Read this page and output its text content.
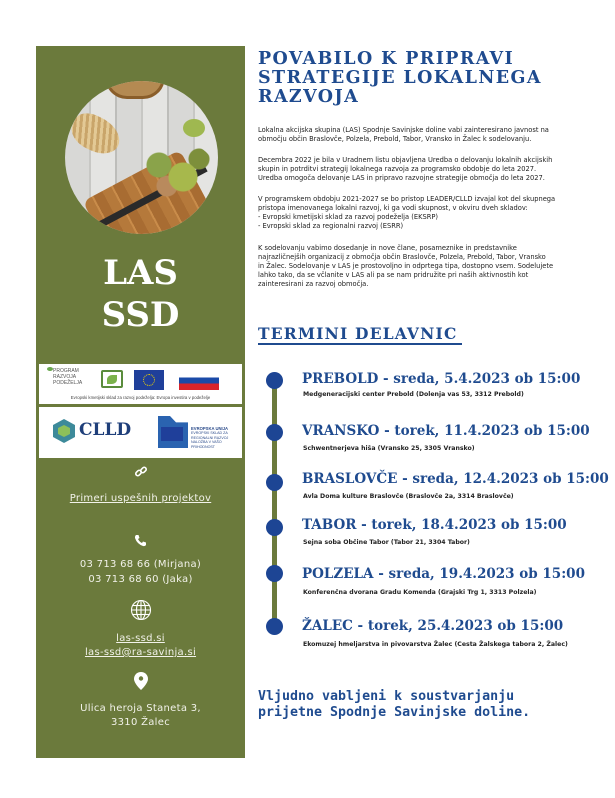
LAS
SSD
PROGRAM
RAZVOJA
PODEŽELJA
Evropski kmetijski sklad za razvoj podeželja: Evropa investira v podeželje
CLLD	EVROPSKA UNIJA
EVROPSKI SKLAD ZA
REGIONALNI RAZVOJ
NALOŽBA V VAŠO PRIHODNOST
Primeri uspešnih projektov
03 713 68 66 (Mirjana)
03 713 68 60 (Jaka)
las-ssd.si
las-ssd@ra-savinja.si
Ulica heroja Staneta 3,
3310 Žalec
POVABILO K PRIPRAVI
STRATEGIJE LOKALNEGA
RAZVOJA
Lokalna akcijska skupina (LAS) Spodnje Savinjske doline vabi zainteresirano javnost na
območju občin Braslovče, Polzela, Prebold, Tabor, Vransko in Žalec k sodelovanju.
Decembra 2022 je bila v Uradnem listu objavljena Uredba o delovanju lokalnih akcijskih
skupin in potrditvi strategij lokalnega razvoja za programsko obdobje do leta 2027.
Uredba omogoča delovanje LAS in pripravo razvojne strategije območja do leta 2027.
V programskem obdobju 2021-2027 se bo pristop LEADER/CLLD izvajal kot del skupnega
pristopa imenovanega lokalni razvoj, ki ga vodi skupnost, v okviru dveh skladov:
- Evropski kmetijski sklad za razvoj podeželja (EKSRP)
- Evropski sklad za regionalni razvoj (ESRR)
K sodelovanju vabimo dosedanje in nove člane, posameznike in predstavnike
najrazličnejših organizacij z območja občin Braslovče, Polzela, Prebold, Tabor, Vransko
in Žalec. Sodelovanje v LAS je prostovoljno in odprtega tipa, dostopno vsem. Sodelujete
lahko tako, da se včlanite v LAS ali pa se nam pridružite pri naših aktivnostih kot
zainteresirani za razvoj območja.
TERMINI DELAVNIC
PREBOLD - sreda, 5.4.2023 ob 15:00
Medgeneracijski center Prebold (Dolenja vas 53, 3312 Prebold)
VRANSKO - torek, 11.4.2023 ob 15:00
Schwentnerjeva hiša (Vransko 25, 3305 Vransko)
BRASLOVČE - sreda, 12.4.2023 ob 15:00
Avla Doma kulture Braslovče (Braslovče 2a, 3314 Braslovče)
TABOR - torek, 18.4.2023 ob 15:00
Sejna soba Občine Tabor (Tabor 21, 3304 Tabor)
POLZELA - sreda, 19.4.2023 ob 15:00
Konferenčna dvorana Gradu Komenda (Grajski Trg 1, 3313 Polzela)
ŽALEC - torek, 25.4.2023 ob 15:00
Ekomuzej hmeljarstva in pivovarstva Žalec (Cesta Žalskega tabora 2, Žalec)
Vljudno vabljeni k soustvarjanju
prijetne Spodnje Savinjske doline.
